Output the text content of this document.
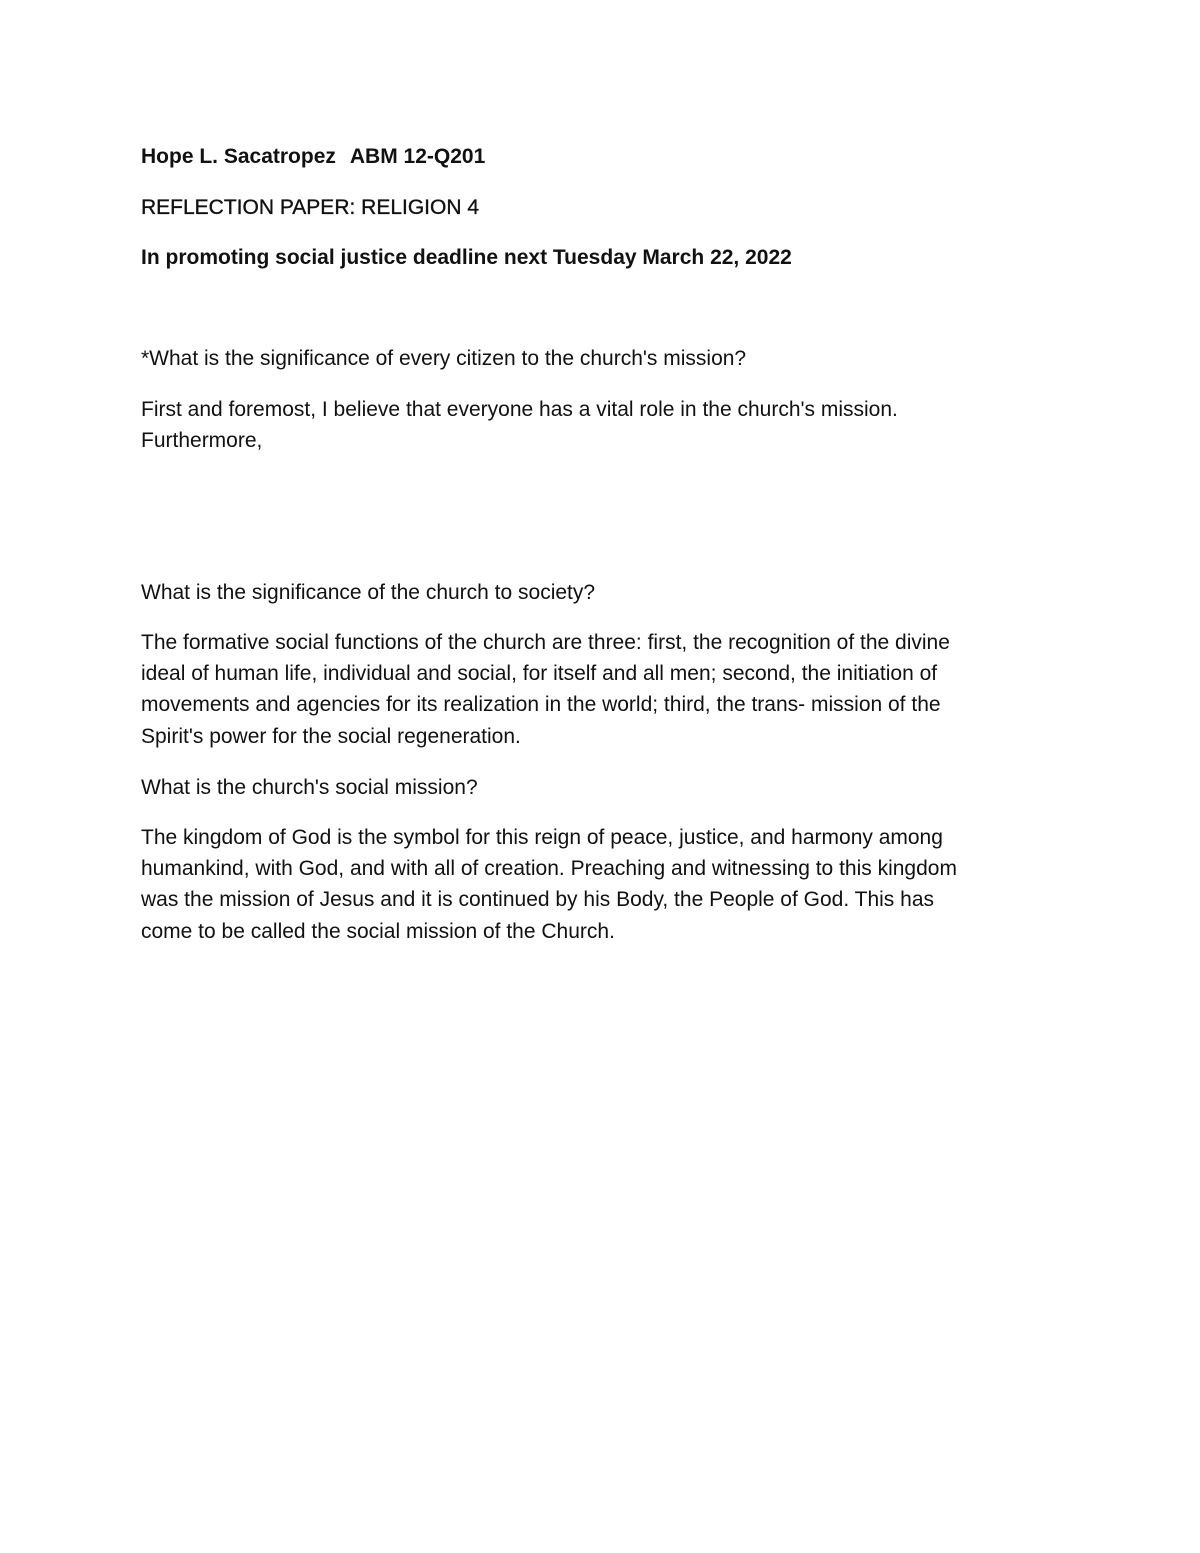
Hope L. Sacatropez ABM 12-Q201

REFLECTION PAPER: RELIGION 4

In promoting social justice deadline next Tuesday March 22, 2022

*What is the significance of every citizen to the church's mission?

First and foremost, I believe that everyone has a vital role in the church's mission.
Furthermore,

What is the significance of the church to society?

The formative social functions of the church are three: first, the recognition of the divine
ideal of human life, individual and social, for itself and all men; second, the initiation of
movements and agencies for its realization in the world; third, the trans- mission of the
Spirit's power for the social regeneration.

What is the church's social mission?

The kingdom of God is the symbol for this reign of peace, justice, and harmony among
humankind, with God, and with all of creation. Preaching and witnessing to this kingdom
was the mission of Jesus and it is continued by his Body, the People of God. This has
come to be called the social mission of the Church.
